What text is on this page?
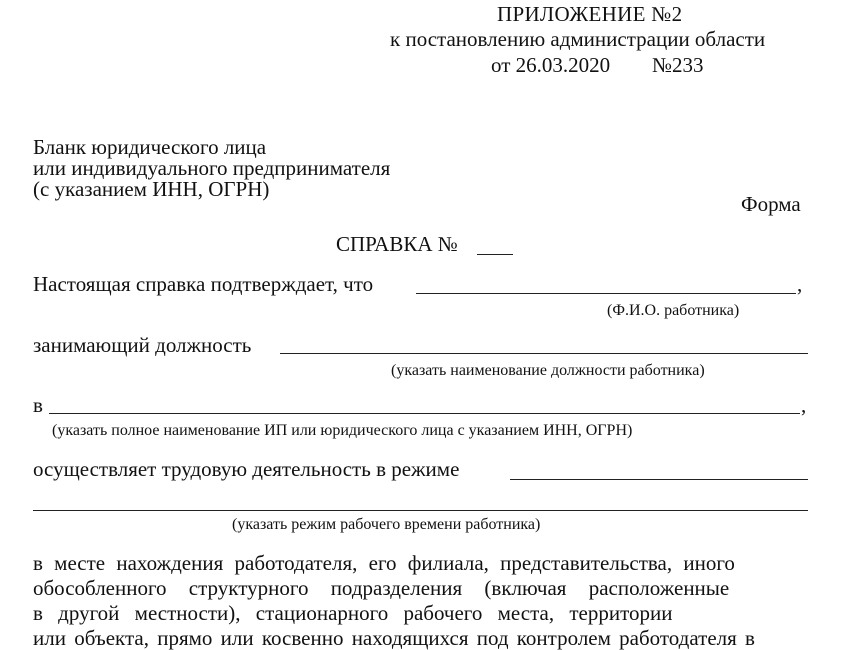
ПРИЛОЖЕНИЕ №2
к постановлению администрации области
от 26.03.2020 №233
Бланк юридического лица
или индивидуального предпринимателя
(с указанием ИНН, ОГРН)
Форма
СПРАВКА №
Настоящая справка подтверждает, что	,
(Ф.И.О. работника)
занимающий должность
(указать наименование должности работника)
в	,
(указать полное наименование ИП или юридического лица с указанием ИНН, ОГРН)
осуществляет трудовую деятельность в режиме
(указать режим рабочего времени работника)
в месте нахождения работодателя, его филиала, представительства, иного
обособленного структурного подразделения (включая расположенные
в другой местности), стационарного рабочего места, территории
или объекта, прямо или косвенно находящихся под контролем работодателя в
